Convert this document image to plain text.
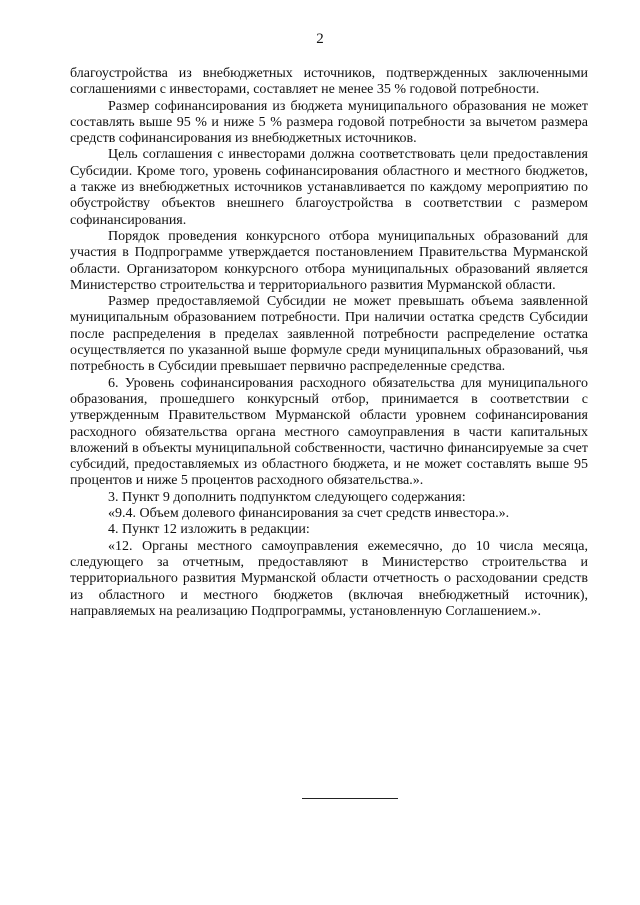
2

благоустройства из внебюджетных источников, подтвержденных заключенными соглашениями с инвесторами, составляет не менее 35 % годовой потребности.

Размер софинансирования из бюджета муниципального образования не может составлять выше 95 % и ниже 5 % размера годовой потребности за вычетом размера средств софинансирования из внебюджетных источников.

Цель соглашения с инвесторами должна соответствовать цели предоставления Субсидии. Кроме того, уровень софинансирования областного и местного бюджетов, а также из внебюджетных источников устанавливается по каждому мероприятию по обустройству объектов внешнего благоустройства в соответствии с размером софинансирования.

Порядок проведения конкурсного отбора муниципальных образований для участия в Подпрограмме утверждается постановлением Правительства Мурманской области. Организатором конкурсного отбора муниципальных образований является Министерство строительства и территориального развития Мурманской области.

Размер предоставляемой Субсидии не может превышать объема заявленной муниципальным образованием потребности. При наличии остатка средств Субсидии после распределения в пределах заявленной потребности распределение остатка осуществляется по указанной выше формуле среди муниципальных образований, чья потребность в Субсидии превышает первично распределенные средства.

6. Уровень софинансирования расходного обязательства для муниципального образования, прошедшего конкурсный отбор, принимается в соответствии с утвержденным Правительством Мурманской области уровнем софинансирования расходного обязательства органа местного самоуправления в части капитальных вложений в объекты муниципальной собственности, частично финансируемые за счет субсидий, предоставляемых из областного бюджета, и не может составлять выше 95 процентов и ниже 5 процентов расходного обязательства.».

3. Пункт 9 дополнить подпунктом следующего содержания:

«9.4. Объем долевого финансирования за счет средств инвестора.».

4. Пункт 12 изложить в редакции:

«12. Органы местного самоуправления ежемесячно, до 10 числа месяца, следующего за отчетным, предоставляют в Министерство строительства и территориального развития Мурманской области отчетность о расходовании средств из областного и местного бюджетов (включая внебюджетный источник), направляемых на реализацию Подпрограммы, установленную Соглашением.».
